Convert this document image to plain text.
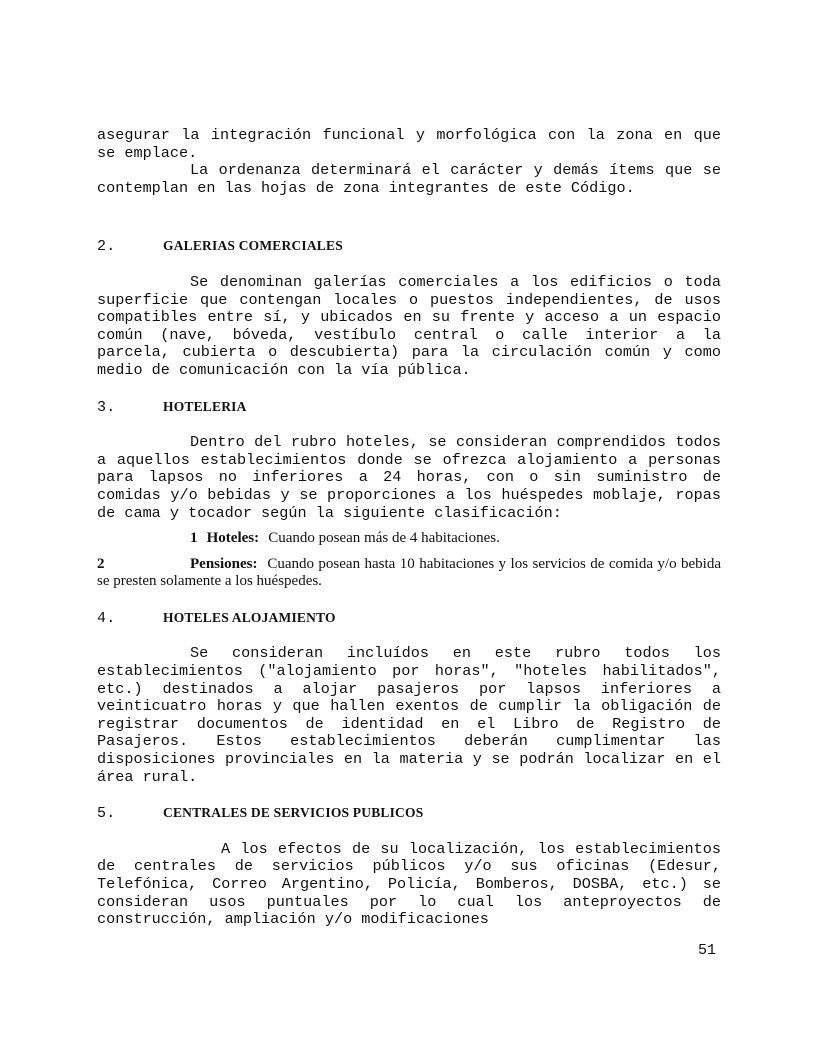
asegurar la integración funcional y morfológica con la zona en que se emplace.

La ordenanza determinará el carácter y demás ítems que se contemplan en las hojas de zona integrantes de este Código.

2.	GALERIAS COMERCIALES

Se denominan galerías comerciales a los edificios o toda superficie que contengan locales o puestos independientes, de usos compatibles entre sí, y ubicados en su frente y acceso a un espacio común (nave, bóveda, vestíbulo central o calle interior a la parcela, cubierta o descubierta) para la circulación común y como medio de comunicación con la vía pública.

3.	HOTELERIA

Dentro del rubro hoteles, se consideran comprendidos todos a aquellos establecimientos donde se ofrezca alojamiento a personas para lapsos no inferiores a 24 horas, con o sin suministro de comidas y/o bebidas y se proporciones a los huéspedes moblaje, ropas de cama y tocador según la siguiente clasificación:

1 Hoteles: Cuando posean más de 4 habitaciones.

2	Pensiones: Cuando posean hasta 10 habitaciones y los servicios de comida y/o bebida se presten solamente a los huéspedes.

4.	HOTELES ALOJAMIENTO

Se consideran incluídos en este rubro todos los establecimientos ("alojamiento por horas", "hoteles habilitados", etc.) destinados a alojar pasajeros por lapsos inferiores a veinticuatro horas y que hallen exentos de cumplir la obligación de registrar documentos de identidad en el Libro de Registro de Pasajeros. Estos establecimientos deberán cumplimentar las disposiciones provinciales en la materia y se podrán localizar en el área rural.

5.	CENTRALES DE SERVICIOS PUBLICOS

A los efectos de su localización, los establecimientos de centrales de servicios públicos y/o sus oficinas (Edesur, Telefónica, Correo Argentino, Policía, Bomberos, DOSBA, etc.) se consideran usos puntuales por lo cual los anteproyectos de construcción, ampliación y/o modificaciones

51
